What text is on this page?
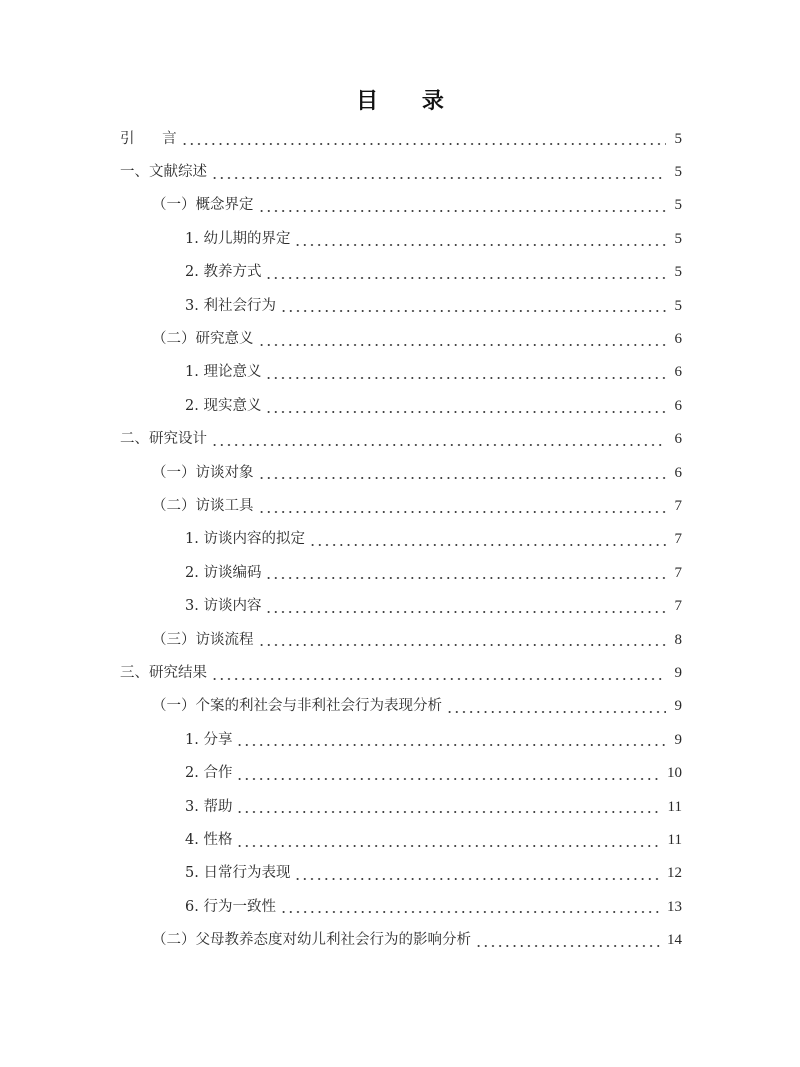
目 录
引      言	5
一、文献综述	5
（一）概念界定	5
1. 幼儿期的界定	5
2. 教养方式	5
3. 利社会行为	5
（二）研究意义	6
1. 理论意义	6
2. 现实意义	6
二、研究设计	6
（一）访谈对象	6
（二）访谈工具	7
1. 访谈内容的拟定	7
2. 访谈编码	7
3. 访谈内容	7
（三）访谈流程	8
三、研究结果	9
（一）个案的利社会与非利社会行为表现分析	9
1. 分享	9
2. 合作	10
3. 帮助	11
4. 性格	11
5. 日常行为表现	12
6. 行为一致性	13
（二）父母教养态度对幼儿利社会行为的影响分析	14
